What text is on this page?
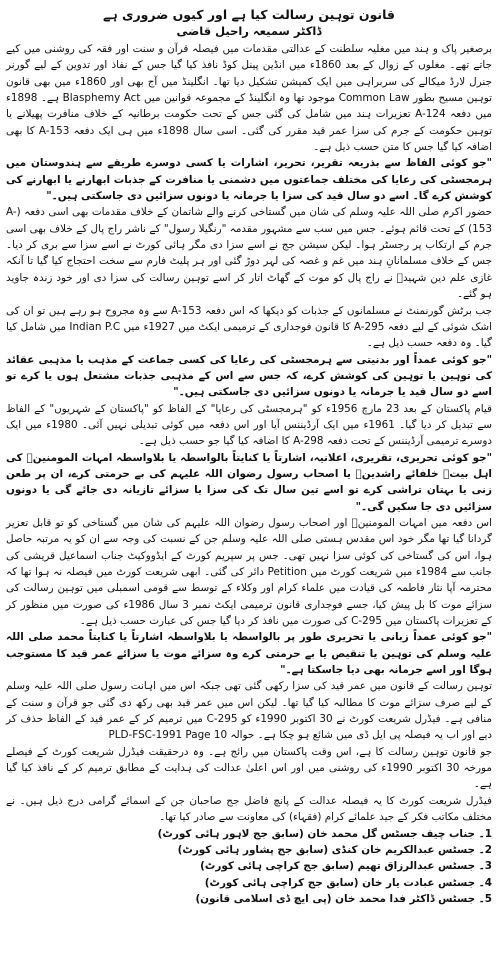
قانون توہین رسالت کیا ہے اور کیوں ضروری ہے
ڈاکٹر سمیعہ راحیل قاضی

برصغیر پاک و ہند میں مغلیہ سلطنت کے عدالتی مقدمات میں فیصلہ قرآن و سنت اور فقہ کی روشنی میں کیے جاتے تھے۔ مغلوں کے زوال کے بعد 1860ء میں انڈین پینل کوڈ نافذ کیا گیا جس کے نفاذ اور تدوین کے لیے گورنر جنرل لارڈ میکالے کی سربراہی میں ایک کمیشن تشکیل دیا تھا۔ انگلینڈ میں آج بھی اور 1860ء میں بھی قانون توہین مسیح بطور Common Law موجود تھا وہ انگلینڈ کے مجموعہ قوانین میں Blasphemy Act ہے۔ 1898ء میں دفعہ A-124 تعزیرات ہند میں شامل کی گئی جس کے تحت حکومت برطانیہ کے خلاف منافرت پھیلانے یا توہین حکومت کے جرم کی سزا عمر قید مقرر کی گئی۔ اسی سال 1898ء میں ہی ایک دفعہ A-153 کا بھی اضافہ کیا گیا جس کا متن حسب ذیل ہے۔

"جو کوئی الفاظ سے بذریعہ تقریر، تحریر، اشارات یا کسی دوسرے طریقے سے ہندوستان میں ہرمجسٹی کی رعایا کی مختلف جماعتوں میں دشمنی یا منافرت کے جذبات ابھارنے یا ابھارنے کی کوشش کرے گا۔ اسے دو سال قید کی سزا یا جرمانہ یا دونوں سزائیں دی جاسکتی ہیں۔"

حضور اکرم صلی اللہ علیہ وسلم کی شان میں گستاخی کرنے والے شاتمان کے خلاف مقدمات بھی اسی دفعہ (A-153) کے تحت قائم ہوئے۔ جس میں سب سے مشہور مقدمہ "رنگیلا رسول" کے ناشر راج پال کے خلاف بھی اسی جرم کے ارتکاب پر رجسٹر ہوا۔ لیکن سیشن جج نے اسے سزا دی مگر ہائی کورٹ نے اسے سزا سے بری کر دیا۔ جس کے خلاف مسلمانانِ ہند میں غم و غصہ کی لہر دوڑ گئی اور ہر پلیٹ فارم سے سخت احتجاج کیا گیا تا آنکہ غازی علم دین شہیدؒ نے راج پال کو موت کے گھاٹ اتار کر اسے توہین رسالت کی سزا دی اور خود زندہ جاوید ہو گئے۔

جب برٹش گورنمنٹ نے مسلمانوں کے جذبات کو دیکھا کہ اس دفعہ A-153 سے وہ مجروح ہو رہے ہیں تو ان کی اشک شوئی کے لیے دفعہ A-295 کا قانون فوجداری کے ترمیمی ایکٹ میں 1927ء میں Indian P.C میں شامل کیا گیا۔ وہ دفعہ حسب ذیل ہے۔

"جو کوئی عمداً اور بدنیتی سے ہرمجسٹی کی رعایا کی کسی جماعت کے مذہب یا مذہبی عقائد کی توہین یا توہین کی کوشش کرے، کہ جس سے اس کے مذہبی جذبات مشتعل ہوں یا کرے تو اسے دو سال قید یا جرمانہ یا دونوں سزائیں دی جاسکتی ہیں۔"

قیام پاکستان کے بعد 23 مارچ 1956ء کو "ہرمجسٹی کی رعایا" کے الفاظ کو "پاکستان کے شہریوں" کے الفاظ سے تبدیل کر دیا گیا۔ 1961ء میں ایک آرڈیننس آیا اور اس دفعہ میں کوئی تبدیلی نہیں آئی۔ 1980ء میں ایک دوسرے ترمیمی آرڈیننس کے تحت دفعہ A-298 کا اضافہ کیا گیا جو حسب ذیل ہے۔

"جو کوئی تحریری، تقریری، اعلانیہ، اشارتاً یا کنایتاً بالواسطہ یا بلاواسطہ امہات المومنینؓ کی اہل بیتؓ خلفائے راشدینؓ یا اصحاب رسول رضوان اللہ علیہم کی بے حرمتی کرے، ان پر طعن زنی یا بہتان تراشی کرے تو اسے تین سال تک کی سزا یا سزائے تازیانہ دی جائے گی یا دونوں سزائیں دی جا سکیں گی۔"

اس دفعہ میں امہات المومنینؓ اور اصحاب رسول رضوان اللہ علیہم کی شان میں گستاخی کو تو قابل تعزیر گردانا گیا تھا مگر خود اس مقدس ہستی صلی اللہ علیہ وسلم جن کے نسبت کی وجہ سے ان کو یہ مرتبہ حاصل ہوا، اس کی گستاخی کی کوئی سزا نہیں تھی۔ جس پر سپریم کورٹ کے ایڈووکیٹ جناب اسماعیل قریشی کی جانب سے 1984ء میں شریعت کورٹ میں Petition دائر کی گئی۔ ابھی شریعت کورٹ میں فیصلہ نہ ہوا تھا کہ محترمہ آپا نثار فاطمہ کی قیادت میں علماء کرام اور وکلاء کے توسط سے قومی اسمبلی میں توہین رسالت کی سزائے موت کا بل پیش کیا، جسے فوجداری قانون ترمیمی ایکٹ نمبر 3 سال 1986ء کی صورت میں منظور کر کے تعزیرات پاکستان میں C-295 کی صورت میں نافذ کر دیا گیا جس کی عبارت حسب ذیل ہے۔

"جو کوئی عمداً زبانی یا تحریری طور پر بالواسطہ یا بلاواسطہ اشارتاً یا کنایتاً محمد صلی اللہ علیہ وسلم کی توہین یا تنقیص یا بے حرمتی کرے وہ سزائے موت یا سزائے عمر قید کا مستوجب ہوگا اور اسے جرمانہ بھی دیا جاسکتا ہے۔"

توہین رسالت کے قانون میں عمر قید کی سزا رکھی گئی تھی جبکہ اس میں اہانت رسول صلی اللہ علیہ وسلم کے لیے صرف سزائے موت کا مطالبہ کیا گیا تھا۔ لیکن اس میں عمر قید بھی رکھ دی گئی جو قرآن و سنت کے منافی ہے۔ فیڈرل شریعت کورٹ نے 30 اکتوبر 1990ء کو C-295 میں ترمیم کر کے عمر قید کے الفاظ حذف کر دیے اور اب یہ فیصلہ پی ایل ڈی میں شائع ہو چکا ہے۔ حوالہ PLD-FSC-1991 Page 10

جو قانون توہین رسالت کا ہے، اس وقت پاکستان میں رائج ہے۔ وہ درحقیقت فیڈرل شریعت کورٹ کے فیصلے مورخہ 30 اکتوبر 1990ء کی روشنی میں اور اس اعلیٰ عدالت کی ہدایت کے مطابق ترمیم کر کے نافذ کیا گیا ہے۔

فیڈرل شریعت کورٹ کا یہ فیصلہ عدالت کے پانچ فاضل جج صاحبان جن کے اسمائے گرامی درج ذیل ہیں۔ نے مختلف مکاتب فکر کے جید علمائے کرام (فقہاء) کی معاونت سے صادر کیا تھا۔

1۔ جناب چیف جسٹس گل محمد خان (سابق جج لاہور ہائی کورٹ)
2۔ جسٹس عبدالکریم خان کنڈی (سابق جج پشاور ہائی کورٹ)
3۔ جسٹس عبدالرزاق تھیم (سابق جج کراچی ہائی کورٹ)
4۔ جسٹس عبادت یار خان (سابق جج کراچی ہائی کورٹ)
5۔ جسٹس ڈاکٹر فدا محمد خان (پی ایچ ڈی اسلامی قانون)
